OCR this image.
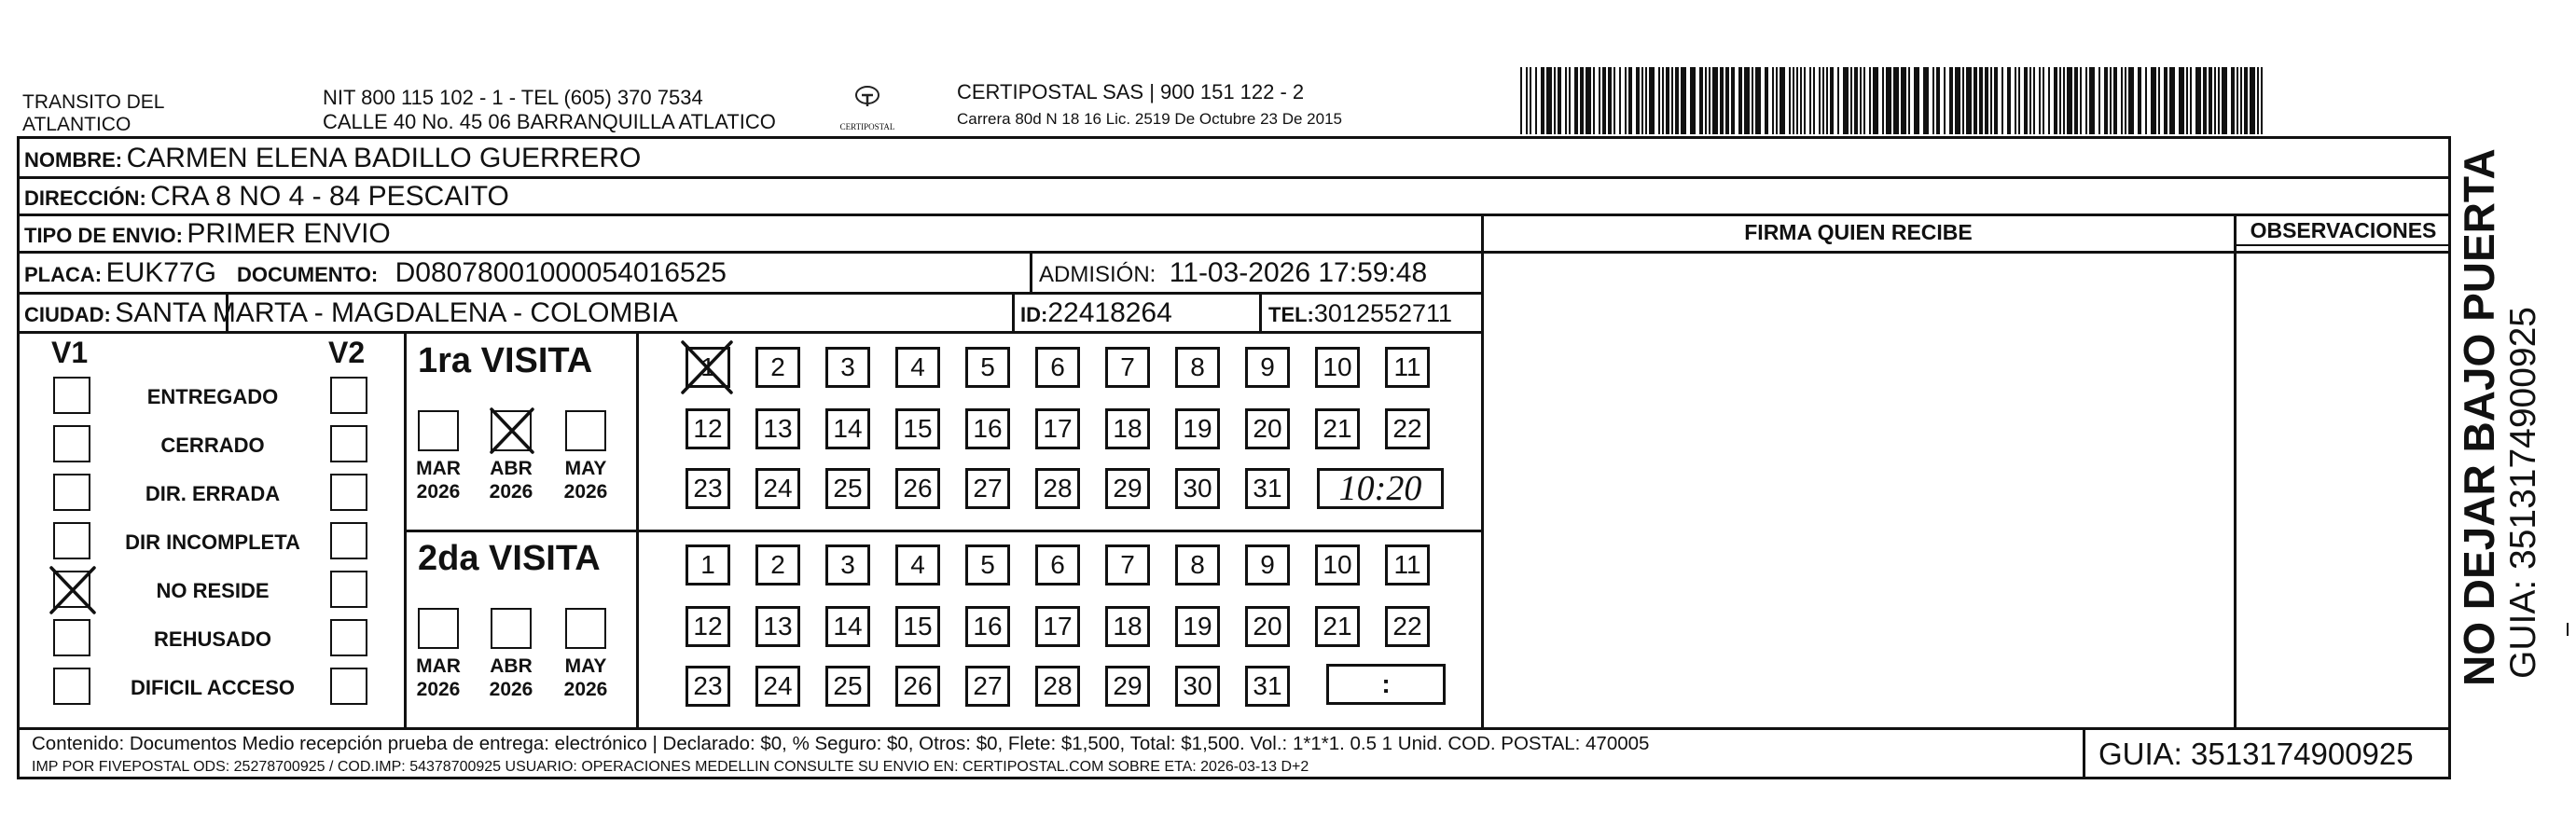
TRANSITO DEL
ATLANTICO
NIT 800 115 102 - 1 - TEL (605) 370 7534
CALLE 40 No. 45 06 BARRANQUILLA ATLATICO	CERTIPOSTAL
CERTIPOSTAL SAS | 900 151 122 - 2
Carrera 80d N 18 16 Lic. 2519 De Octubre 23 De 2015
NOMBRE: CARMEN ELENA BADILLO GUERRERO
DIRECCIÓN: CRA 8 NO 4 - 84 PESCAITO
TIPO DE ENVIO: PRIMER ENVIO
PLACA: EUK77G DOCUMENTO: D08078001000054016525	ADMISIÓN: 11-03-2026 17:59:48
CIUDAD: SANTA MARTA - MAGDALENA - COLOMBIA	ID:22418264	TEL:3012552711
FIRMA QUIEN RECIBE	OBSERVACIONES
V1	V2
ENTREGADO
CERRADO
DIR. ERRADA
DIR INCOMPLETA
NO RESIDE
REHUSADO
DIFICIL ACCESO
1ra VISITA
MAR
2026
ABR
2026
MAY
2026
1 2 3 4 5 6 7 8 9 10 11
12 13 14 15 16 17 18 19 20 21 22
23 24 25 26 27 28 29 30 31 10:20
2da VISITA
MAR
2026
ABR
2026
MAY
2026
1 2 3 4 5 6 7 8 9 10 11
12 13 14 15 16 17 18 19 20 21 22
23 24 25 26 27 28 29 30 31	:
Contenido: Documentos Medio recepción prueba de entrega: electrónico | Declarado: $0, % Seguro: $0, Otros: $0, Flete: $1,500, Total: $1,500. Vol.: 1*1*1. 0.5 1 Unid. COD. POSTAL: 470005
IMP POR FIVEPOSTAL ODS: 25278700925 / COD.IMP: 54378700925 USUARIO: OPERACIONES MEDELLIN CONSULTE SU ENVIO EN: CERTIPOSTAL.COM SOBRE ETA: 2026-03-13 D+2	GUIA: 3513174900925
NO DEJAR BAJO PUERTA GUIA: 3513174900925
